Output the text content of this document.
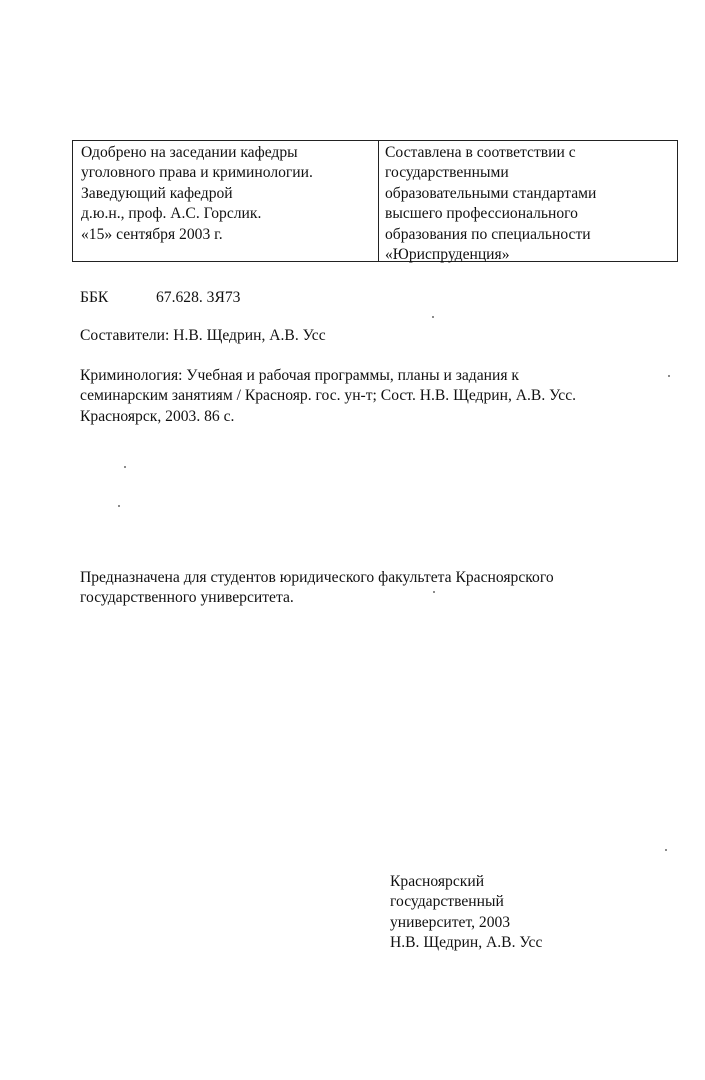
Одобрено на заседании кафедры
уголовного права и криминологии.
Заведующий кафедрой
д.ю.н., проф. А.С. Горслик.
«15» сентября 2003 г.
Составлена в соответствии с
государственными
образовательными стандартами
высшего профессионального
образования по специальности
«Юриспруденция»
ББК	67.628. 3Я73
Составители: Н.В. Щедрин, А.В. Усс
Криминология: Учебная и рабочая программы, планы и задания к
семинарским занятиям / Краснояр. гос. ун-т; Сост. Н.В. Щедрин, А.В. Усс.
Красноярск, 2003. 86 с.
Предназначена для студентов юридического факультета Красноярского
государственного университета.
Красноярский
государственный
университет, 2003
Н.В. Щедрин, А.В. Усс
